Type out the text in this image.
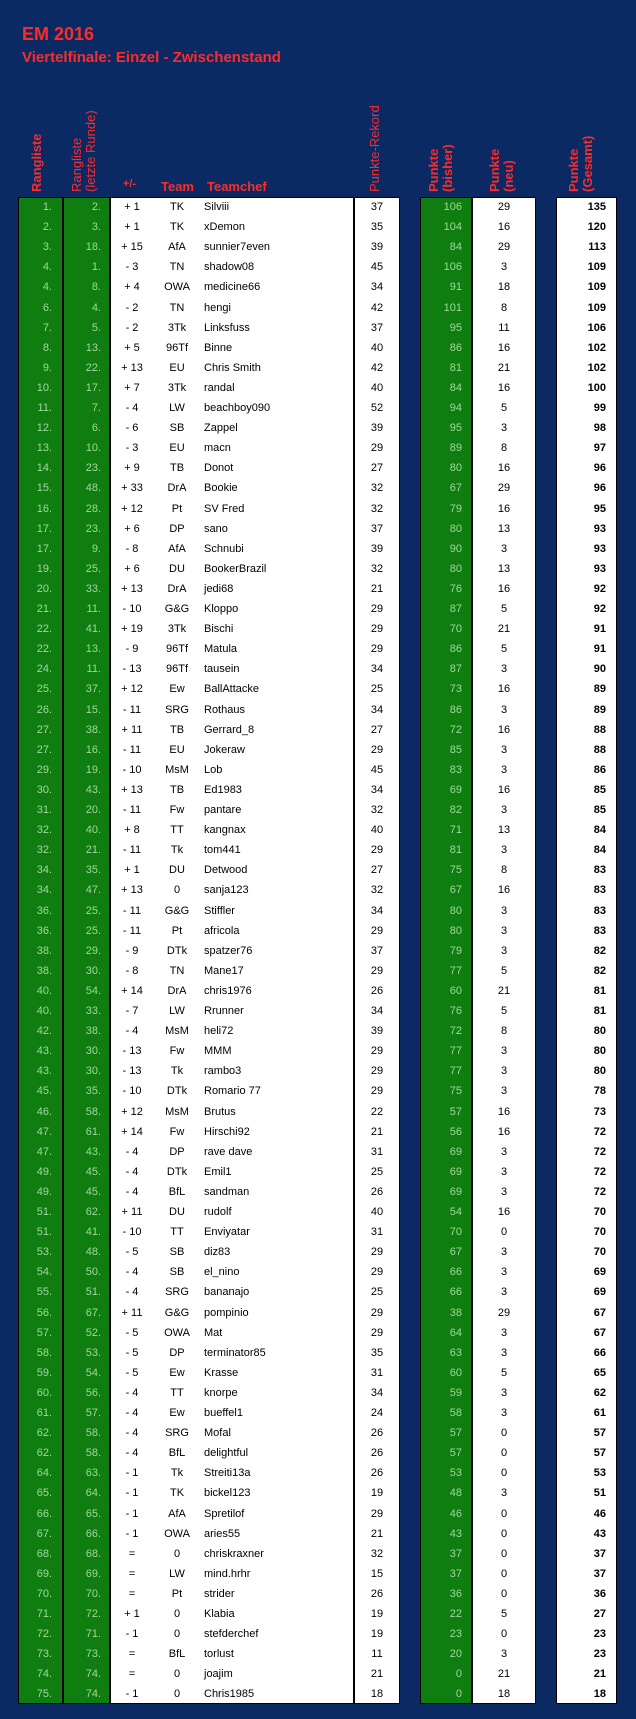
EM 2016
Viertelfinale: Einzel - Zwischenstand
Rangliste Rangliste
(letzte Runde) +/- Team Teamchef	Punkte-Rekord	Punkte
(bisher) Punkte
(neu)	Punkte
(Gesamt)
1.	2.	+ 1	TK	Silviii	37	106	29	135
2.	3.	+ 1	TK	xDemon	35	104	16	120
3.	18.	+ 15	AfA	sunnier7even	39	84	29	113
4.	1.	- 3	TN	shadow08	45	106	3	109
4.	8.	+ 4	OWA	medicine66	34	91	18	109
6.	4.	- 2	TN	hengi	42	101	8	109
7.	5.	- 2	3Tk	Linksfuss	37	95	11	106
8.	13.	+ 5	96Tf	Binne	40	86	16	102
9.	22.	+ 13	EU	Chris Smith	42	81	21	102
10.	17.	+ 7	3Tk	randal	40	84	16	100
11.	7.	- 4	LW	beachboy090	52	94	5	99
12.	6.	- 6	SB	Zappel	39	95	3	98
13.	10.	- 3	EU	macn	29	89	8	97
14.	23.	+ 9	TB	Donot	27	80	16	96
15.	48.	+ 33	DrA	Bookie	32	67	29	96
16.	28.	+ 12	Pt	SV Fred	32	79	16	95
17.	23.	+ 6	DP	sano	37	80	13	93
17.	9.	- 8	AfA	Schnubi	39	90	3	93
19.	25.	+ 6	DU	BookerBrazil	32	80	13	93
20.	33.	+ 13	DrA	jedi68	21	76	16	92
21.	11.	- 10	G&G	Kloppo	29	87	5	92
22.	41.	+ 19	3Tk	Bischi	29	70	21	91
22.	13.	- 9	96Tf	Matula	29	86	5	91
24.	11.	- 13	96Tf	tausein	34	87	3	90
25.	37.	+ 12	Ew	BallAttacke	25	73	16	89
26.	15.	- 11	SRG	Rothaus	34	86	3	89
27.	38.	+ 11	TB	Gerrard_8	27	72	16	88
27.	16.	- 11	EU	Jokeraw	29	85	3	88
29.	19.	- 10	MsM	Lob	45	83	3	86
30.	43.	+ 13	TB	Ed1983	34	69	16	85
31.	20.	- 11	Fw	pantare	32	82	3	85
32.	40.	+ 8	TT	kangnax	40	71	13	84
32.	21.	- 11	Tk	tom441	29	81	3	84
34.	35.	+ 1	DU	Detwood	27	75	8	83
34.	47.	+ 13	0	sanja123	32	67	16	83
36.	25.	- 11	G&G	Stiffler	34	80	3	83
36.	25.	- 11	Pt	africola	29	80	3	83
38.	29.	- 9	DTk	spatzer76	37	79	3	82
38.	30.	- 8	TN	Mane17	29	77	5	82
40.	54.	+ 14	DrA	chris1976	26	60	21	81
40.	33.	- 7	LW	Rrunner	34	76	5	81
42.	38.	- 4	MsM	heli72	39	72	8	80
43.	30.	- 13	Fw	MMM	29	77	3	80
43.	30.	- 13	Tk	rambo3	29	77	3	80
45.	35.	- 10	DTk	Romario 77	29	75	3	78
46.	58.	+ 12	MsM	Brutus	22	57	16	73
47.	61.	+ 14	Fw	Hirschi92	21	56	16	72
47.	43.	- 4	DP	rave dave	31	69	3	72
49.	45.	- 4	DTk	Emil1	25	69	3	72
49.	45.	- 4	BfL	sandman	26	69	3	72
51.	62.	+ 11	DU	rudolf	40	54	16	70
51.	41.	- 10	TT	Enviyatar	31	70	0	70
53.	48.	- 5	SB	diz83	29	67	3	70
54.	50.	- 4	SB	el_nino	29	66	3	69
55.	51.	- 4	SRG	bananajo	25	66	3	69
56.	67.	+ 11	G&G	pompinio	29	38	29	67
57.	52.	- 5	OWA	Mat	29	64	3	67
58.	53.	- 5	DP	terminator85	35	63	3	66
59.	54.	- 5	Ew	Krasse	31	60	5	65
60.	56.	- 4	TT	knorpe	34	59	3	62
61.	57.	- 4	Ew	bueffel1	24	58	3	61
62.	58.	- 4	SRG	Mofal	26	57	0	57
62.	58.	- 4	BfL	delightful	26	57	0	57
64.	63.	- 1	Tk	Streiti13a	26	53	0	53
65.	64.	- 1	TK	bickel123	19	48	3	51
66.	65.	- 1	AfA	Spretilof	29	46	0	46
67.	66.	- 1	OWA	aries55	21	43	0	43
68.	68.	=	0	chriskraxner	32	37	0	37
69.	69.	=	LW	mind.hrhr	15	37	0	37
70.	70.	=	Pt	strider	26	36	0	36
71.	72.	+ 1	0	Klabia	19	22	5	27
72.	71.	- 1	0	stefderchef	19	23	0	23
73.	73.	=	BfL	torlust	11	20	3	23
74.	74.	=	0	joajim	21	0	21	21
75.	74.	- 1	0	Chris1985	18	0	18	18
